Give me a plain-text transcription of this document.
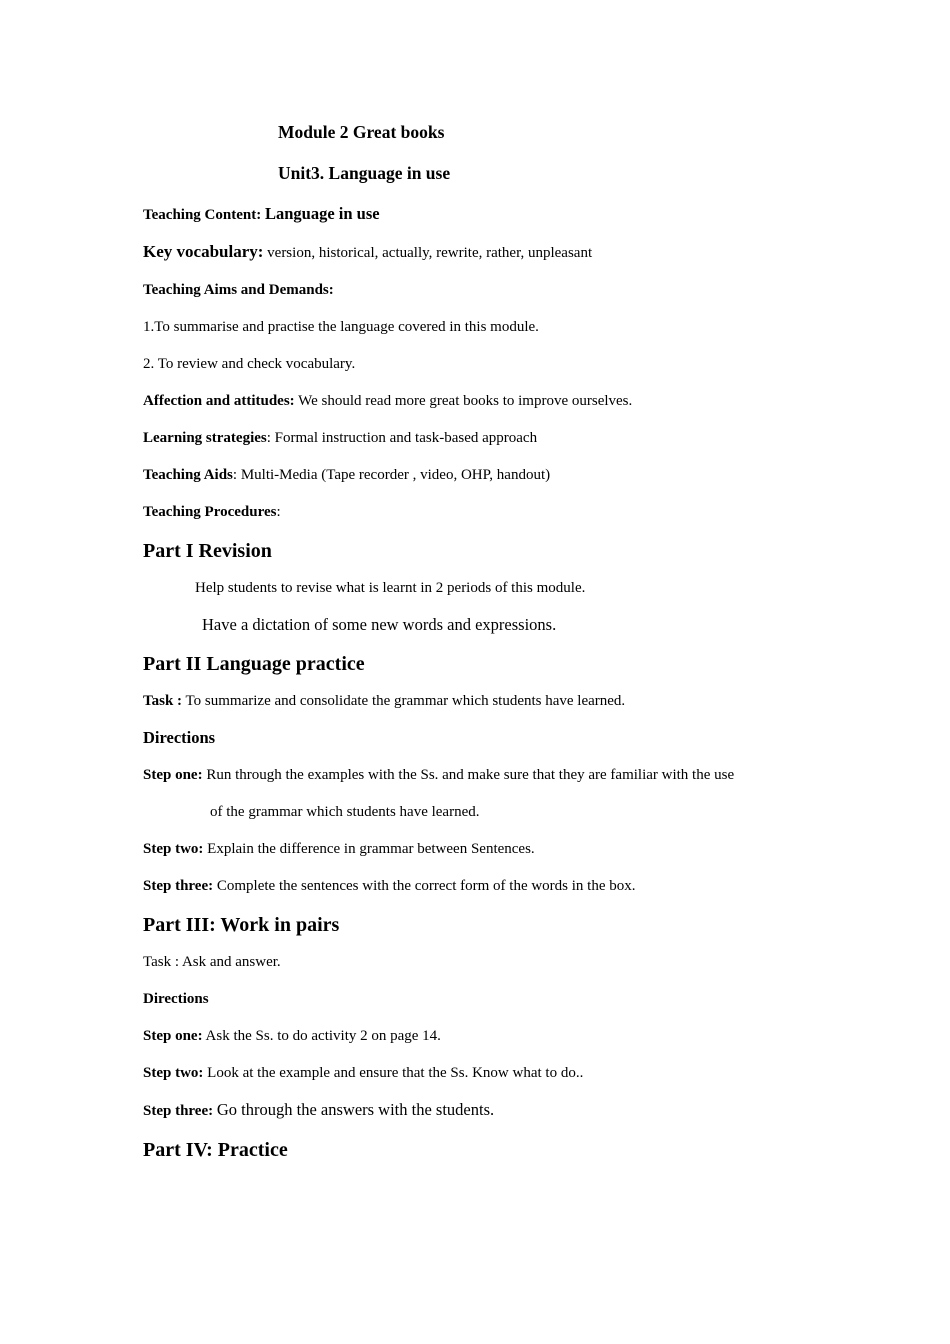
Module 2 Great books
Unit3. Language in use

Teaching Content: Language in use

Key vocabulary: version, historical, actually, rewrite, rather, unpleasant

Teaching Aims and Demands:

1.To summarise and practise the language covered in this module.

2. To review and check vocabulary.

Affection and attitudes: We should read more great books to improve ourselves.

Learning strategies: Formal instruction and task-based approach

Teaching Aids: Multi-Media (Tape recorder , video, OHP, handout)

Teaching Procedures:

Part I Revision

Help students to revise what is learnt in 2 periods of this module.

Have a dictation of some new words and expressions.

Part II Language practice

Task : To summarize and consolidate the grammar which students have learned.

Directions

Step one: Run through the examples with the Ss. and make sure that they are familiar with the use

of the grammar which students have learned.

Step two: Explain the difference in grammar between Sentences.

Step three: Complete the sentences with the correct form of the words in the box.

Part III: Work in pairs

Task : Ask and answer.

Directions

Step one: Ask the Ss. to do activity 2 on page 14.

Step two: Look at the example and ensure that the Ss. Know what to do..

Step three: Go through the answers with the students.

Part IV: Practice
